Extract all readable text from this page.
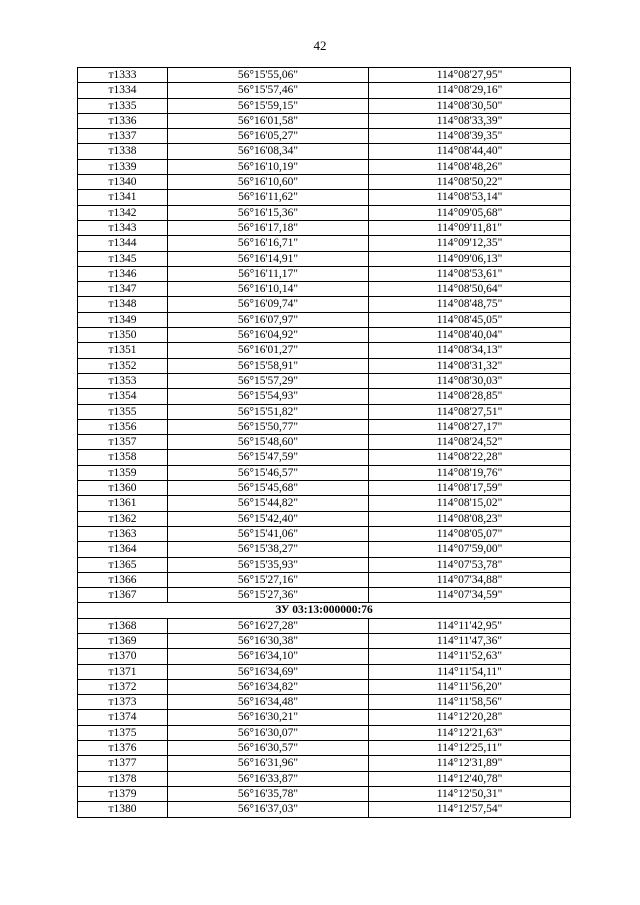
42
т1333	56°15'55,06"	114°08'27,95"
т1334	56°15'57,46"	114°08'29,16"
т1335	56°15'59,15"	114°08'30,50"
т1336	56°16'01,58"	114°08'33,39"
т1337	56°16'05,27"	114°08'39,35"
т1338	56°16'08,34"	114°08'44,40"
т1339	56°16'10,19"	114°08'48,26"
т1340	56°16'10,60"	114°08'50,22"
т1341	56°16'11,62"	114°08'53,14"
т1342	56°16'15,36"	114°09'05,68"
т1343	56°16'17,18"	114°09'11,81"
т1344	56°16'16,71"	114°09'12,35"
т1345	56°16'14,91"	114°09'06,13"
т1346	56°16'11,17"	114°08'53,61"
т1347	56°16'10,14"	114°08'50,64"
т1348	56°16'09,74"	114°08'48,75"
т1349	56°16'07,97"	114°08'45,05"
т1350	56°16'04,92"	114°08'40,04"
т1351	56°16'01,27"	114°08'34,13"
т1352	56°15'58,91"	114°08'31,32"
т1353	56°15'57,29"	114°08'30,03"
т1354	56°15'54,93"	114°08'28,85"
т1355	56°15'51,82"	114°08'27,51"
т1356	56°15'50,77"	114°08'27,17"
т1357	56°15'48,60"	114°08'24,52"
т1358	56°15'47,59"	114°08'22,28"
т1359	56°15'46,57"	114°08'19,76"
т1360	56°15'45,68"	114°08'17,59"
т1361	56°15'44,82"	114°08'15,02"
т1362	56°15'42,40"	114°08'08,23"
т1363	56°15'41,06"	114°08'05,07"
т1364	56°15'38,27"	114°07'59,00"
т1365	56°15'35,93"	114°07'53,78"
т1366	56°15'27,16"	114°07'34,88"
т1367	56°15'27,36"	114°07'34,59"
ЗУ 03:13:000000:76		
т1368	56°16'27,28"	114°11'42,95"
т1369	56°16'30,38"	114°11'47,36"
т1370	56°16'34,10"	114°11'52,63"
т1371	56°16'34,69"	114°11'54,11"
т1372	56°16'34,82"	114°11'56,20"
т1373	56°16'34,48"	114°11'58,56"
т1374	56°16'30,21"	114°12'20,28"
т1375	56°16'30,07"	114°12'21,63"
т1376	56°16'30,57"	114°12'25,11"
т1377	56°16'31,96"	114°12'31,89"
т1378	56°16'33,87"	114°12'40,78"
т1379	56°16'35,78"	114°12'50,31"
т1380	56°16'37,03"	114°12'57,54"
